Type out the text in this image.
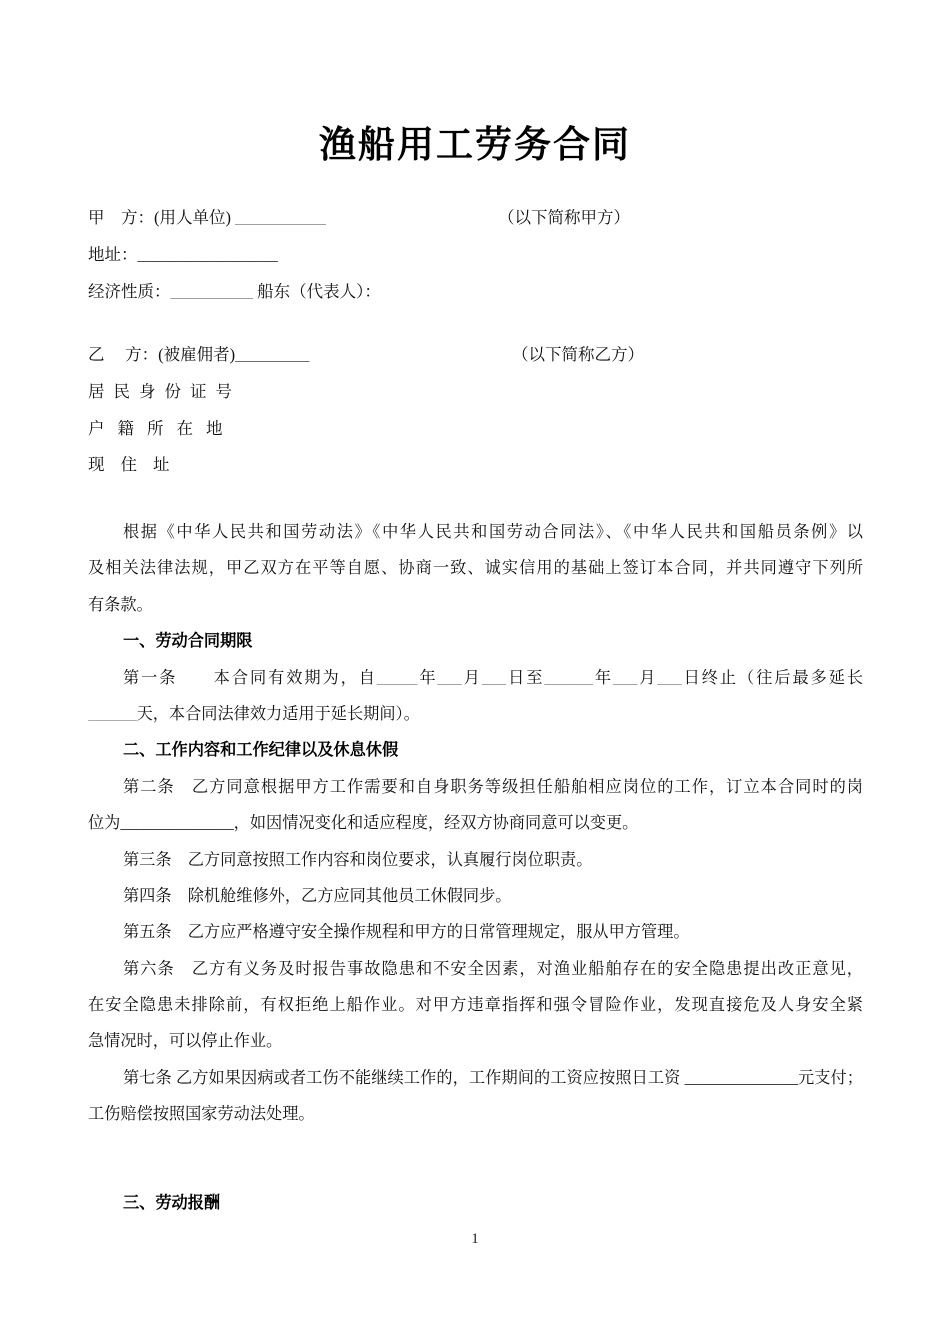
渔船用工劳务合同
甲　方：(用人单位) ___________	（以下简称甲方）
地址：_________________
经济性质：__________ 船东（代表人）：
乙　 方：(被雇佣者)_________	（以下简称乙方）
居民身份证号
户籍所在地
现住址
根据《中华人民共和国劳动法》《中华人民共和国劳动合同法》、《中华人民共和国船员条例》以
及相关法律法规，甲乙双方在平等自愿、协商一致、诚实信用的基础上签订本合同，并共同遵守下列所
有条款。
一、劳动合同期限
第一条　　本合同有效期为，自_____年___月___日至______年___月___日终止（往后最多延长
______天，本合同法律效力适用于延长期间）。
二、工作内容和工作纪律以及休息休假
第二条　乙方同意根据甲方工作需要和自身职务等级担任船舶相应岗位的工作，订立本合同时的岗
位为______________，如因情况变化和适应程度，经双方协商同意可以变更。
第三条　乙方同意按照工作内容和岗位要求，认真履行岗位职责。
第四条　除机舱维修外，乙方应同其他员工休假同步。
第五条　乙方应严格遵守安全操作规程和甲方的日常管理规定，服从甲方管理。
第六条　乙方有义务及时报告事故隐患和不安全因素，对渔业船舶存在的安全隐患提出改正意见，
在安全隐患未排除前，有权拒绝上船作业。对甲方违章指挥和强令冒险作业，发现直接危及人身安全紧
急情况时，可以停止作业。
第七条 乙方如果因病或者工伤不能继续工作的，工作期间的工资应按照日工资 ______________元支付；
工伤赔偿按照国家劳动法处理。
三、劳动报酬
1
